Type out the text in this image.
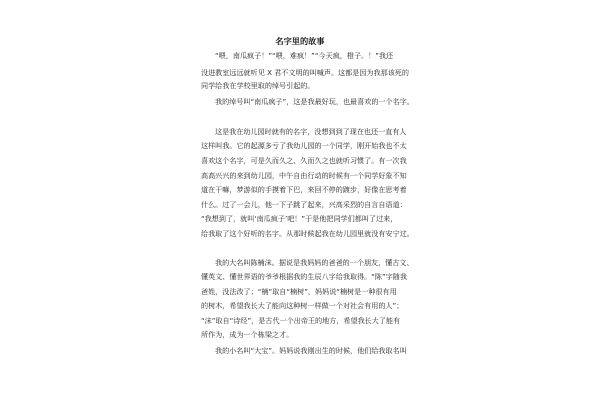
名字里的故事
“喂，南瓜疯子！”“喂，难疯！”“今天疯，橙子。！”我还
没进教室远远就听见 X 君不文明的叫喊声。这都是因为我那该死的
同学给我在学校里取的绰号引起的。
我的绰号叫“南瓜疯子”，这是我最好玩，也最喜欢的一个名字。
这是我在幼儿园时就有的名字，没想到到了现在也还一直有人
这样叫我。它的起源多亏了我幼儿园的一个同学，刚开始我也不太
喜欢这个名字，可是久而久之、久而久之也就听习惯了。有一次我
高高兴兴的来到幼儿园，中午自由行动的时候有一个同学好象不知
道在干嘛，梦游似的手摸着下巴，来回不停的踱步，好像在思考着
什么。过了一会儿，他一下子跳了起来，兴高采烈的自言自语道：
“我想到了，就叫‘南瓜疯子’吧！”于是他把同学们都叫了过来，
给我取了这个好听的名字。从那时候起我在幼儿园里就没有安宁过。
我的大名叫陈楠沫。据说是我妈妈的爸爸的一个朋友，懂古文、
懂英文、懂世界语的爷爷根据我的生辰八字给我取得。“陈”字随我
爸姓，没法改了；“楠”取自“楠树”，妈妈说“楠树是一种很有用
的树木，希望我长大了能向这种树一样做一个对社会有用的人”；
“沫”取自“诗经”，是古代一个出帝王的地方，希望我长大了能有
所作为，成为一个栋梁之才。
我的小名叫“大宝”。妈妈说我刚出生的时候，他们给我取名叫
